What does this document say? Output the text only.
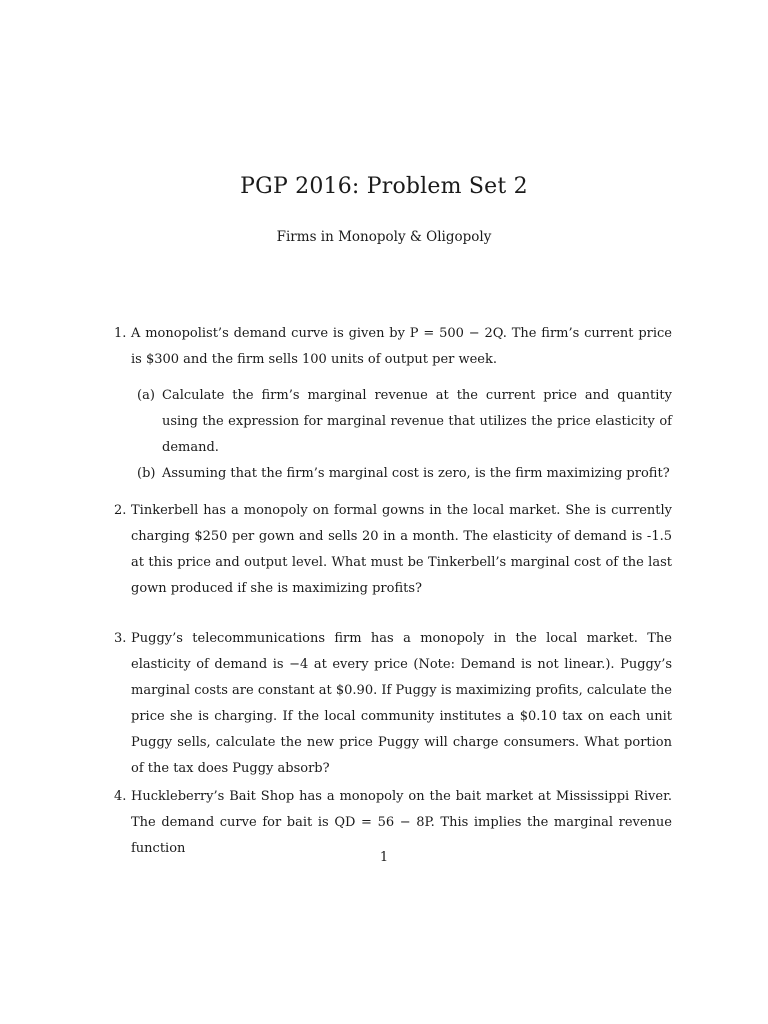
PGP 2016: Problem Set 2
Firms in Monopoly & Oligopoly
1. A monopolist’s demand curve is given by P = 500 − 2Q. The firm’s current price is $300 and the firm sells 100 units of output per week.
(a) Calculate the firm’s marginal revenue at the current price and quantity using the expression for marginal revenue that utilizes the price elasticity of demand.
(b) Assuming that the firm’s marginal cost is zero, is the firm maximizing profit?
2. Tinkerbell has a monopoly on formal gowns in the local market. She is currently charging $250 per gown and sells 20 in a month. The elasticity of demand is -1.5 at this price and output level. What must be Tinkerbell’s marginal cost of the last gown produced if she is maximizing profits?
3. Puggy’s telecommunications firm has a monopoly in the local market. The elasticity of demand is −4 at every price (Note: Demand is not linear.). Puggy’s marginal costs are constant at $0.90. If Puggy is maximizing profits, calculate the price she is charging. If the local community institutes a $0.10 tax on each unit Puggy sells, calculate the new price Puggy will charge consumers. What portion of the tax does Puggy absorb?
4. Huckleberry’s Bait Shop has a monopoly on the bait market at Mississippi River. The demand curve for bait is QD = 56 − 8P. This implies the marginal revenue function
1
